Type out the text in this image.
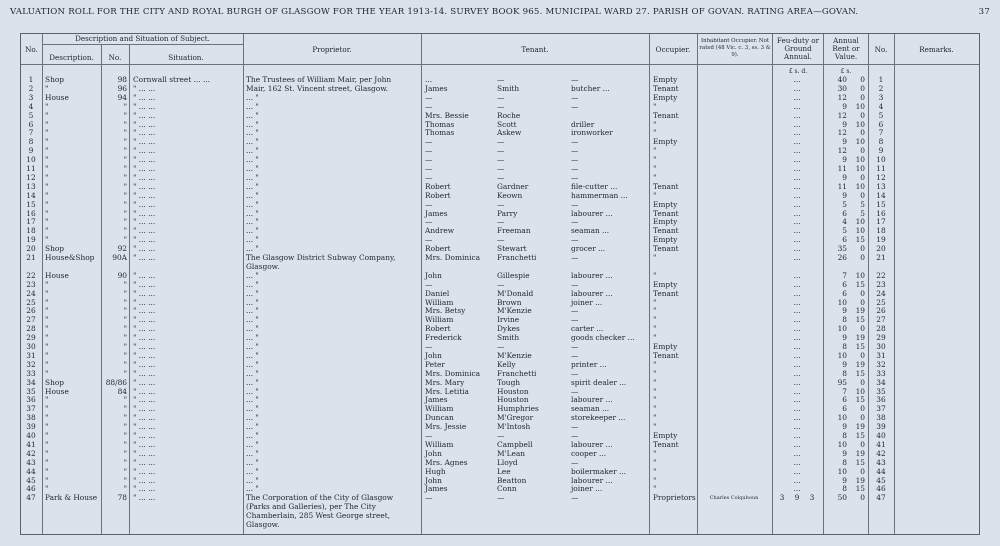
VALUATION ROLL FOR THE CITY AND ROYAL BURGH OF GLASGOW FOR THE YEAR 1913-14. SURVEY BOOK 965. MUNICIPAL WARD 27. PARISH OF GOVAN. RATING AREA—GOVAN.	37
No.
Description and Situation of Subject.
Description.	No.	Situation.
Proprietor.	Tenant.	Occupier.
Inhabitant Occupier. Not rated (48 Vic. c. 3, ss. 3 & 9).
Feu-duty or Ground Annual.
Annual Rent or Value.
No.	Remarks.
£ s. d.	£ s.
1	Shop	98 Cornwall street ... ...	The Trustees of William Mair, per John	...	—	—	Empty	...	40	0	1
2	"	96 " ... ...	Mair, 162 St. Vincent street, Glasgow.	James	Smith	butcher ...	Tenant	...	30	0	2
3	House	94 " ... ...	... "	—	—	—	Empty	...	12	0	3
4	"	" " ... ...	... "	—	—	—	"	...	9	10	4
5	"	" " ... ...	... "	Mrs. Bessie	Roche	Tenant	...	12	0	5
6	"	" " ... ...	... "	Thomas	Scott	driller	"	...	9	10	6
7	"	" " ... ...	... "	Thomas	Askew	ironworker	"	...	12	0	7
8	"	" " ... ...	... "	—	—	—	Empty	...	9	10	8
9	"	" " ... ...	... "	—	—	—	"	...	12	0	9
10	"	" " ... ...	... "	—	—	—	"	...	9	10	10
11	"	" " ... ...	... "	—	—	—	"	...	11	10	11
12	"	" " ... ...	... "	—	—	—	"	...	9	0	12
13	"	" " ... ...	... "	Robert	Gardner	file-cutter ...	Tenant	...	11	10	13
14	"	" " ... ...	... "	Robert	Keown	hammerman ...	"	...	9	0	14
15	"	" " ... ...	... "	—	—	—	Empty	...	5	5	15
16	"	" " ... ...	... "	James	Parry	labourer ...	Tenant	...	6	5	16
17	"	" " ... ...	... "	—	—	—	Empty	...	4	10	17
18	"	" " ... ...	... "	Andrew	Freeman	seaman ...	Tenant	...	5	10	18
19	"	" " ... ...	... "	—	—	—	Empty	...	6	15	19
20	Shop	92 " ... ...	... "	Robert	Stewart	grocer ...	Tenant	...	35	0	20
21	House&Shop	90A " ... ...	The Glasgow District Subway Company,	Mrs. Dominica	Franchetti	—	"	...	26	0	21
Glasgow.
22	House	90 " ... ...	... "	John	Gillespie	labourer ...	"	...	7	10	22
23	"	" " ... ...	... "	—	—	—	Empty	...	6	15	23
24	"	" " ... ...	... "	Daniel	M'Donald	labourer ...	Tenant	...	6	0	24
25	"	" " ... ...	... "	William	Brown	joiner ...	"	...	10	0	25
26	"	" " ... ...	... "	Mrs. Betsy	M'Kenzie	—	"	...	9	19	26
27	"	" " ... ...	... "	William	Irvine	—	"	...	8	15	27
28	"	" " ... ...	... "	Robert	Dykes	carter ...	"	...	10	0	28
29	"	" " ... ...	... "	Frederick	Smith	goods checker ...	"	...	9	19	29
30	"	" " ... ...	... "	—	—	—	Empty	...	8	15	30
31	"	" " ... ...	... "	John	M'Kenzie	—	Tenant	...	10	0	31
32	"	" " ... ...	... "	Peter	Kelly	printer ...	"	...	9	19	32
33	"	" " ... ...	... "	Mrs. Dominica	Franchetti	—	"	...	8	15	33
34	Shop	88/86 " ... ...	... "	Mrs. Mary	Tough	spirit dealer ...	"	...	95	0	34
35	House	84 " ... ...	... "	Mrs. Letitia	Houston	—	"	...	7	10	35
36	"	" " ... ...	... "	James	Houston	labourer ...	"	...	6	15	36
37	"	" " ... ...	... "	William	Humphries	seaman ...	"	...	6	0	37
38	"	" " ... ...	... "	Duncan	M'Gregor	storekeeper ...	"	...	10	0	38
39	"	" " ... ...	... "	Mrs. Jessie	M'Intosh	—	"	...	9	19	39
40	"	" " ... ...	... "	—	—	—	Empty	...	8	15	40
41	"	" " ... ...	... "	William	Campbell	labourer ...	Tenant	...	10	0	41
42	"	" " ... ...	... "	John	M'Lean	cooper ...	"	...	9	19	42
43	"	" " ... ...	... "	Mrs. Agnes	Lloyd	—	"	...	8	15	43
44	"	" " ... ...	... "	Hugh	Lee	boilermaker ...	"	...	10	0	44
45	"	" " ... ...	... "	John	Beatton	labourer ...	"	...	9	19	45
46	"	" " ... ...	... "	James	Conn	joiner ...	"	...	8	15	46
47	Park & House	78 " ... ...	The Corporation of the City of Glasgow	—	—	—	Proprietors	Charles Colquhoun	3	9	3	50	0	47
(Parks and Galleries), per The City
Chamberlain, 285 West George street,
Glasgow.
